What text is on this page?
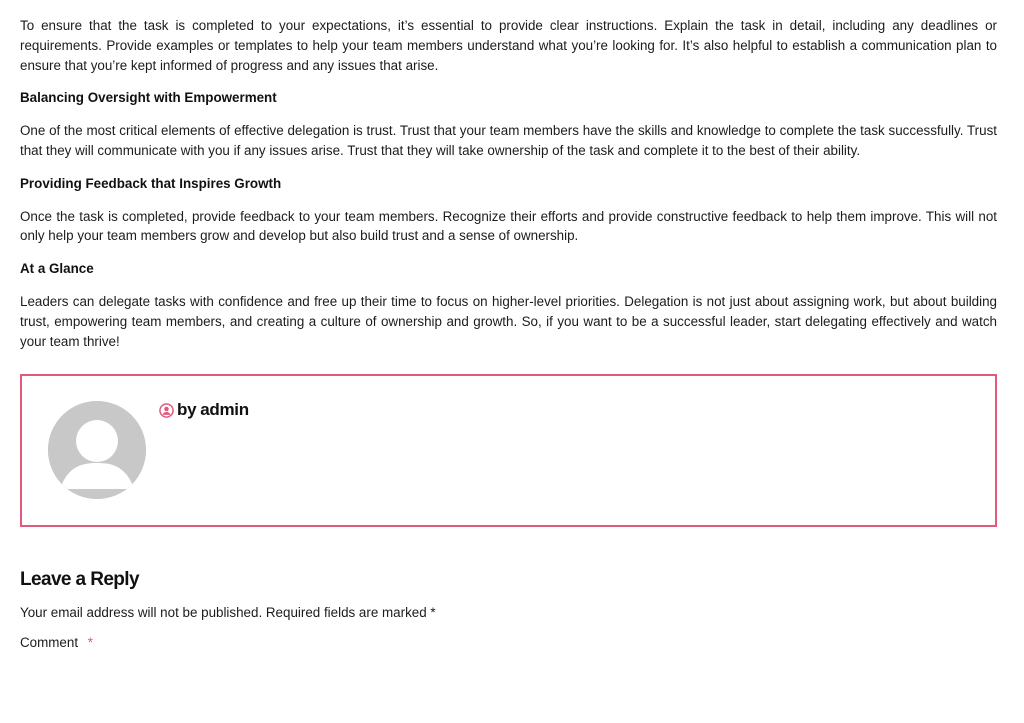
To ensure that the task is completed to your expectations, it’s essential to provide clear instructions. Explain the task in detail, including any deadlines or requirements. Provide examples or templates to help your team members understand what you’re looking for. It’s also helpful to establish a communication plan to ensure that you’re kept informed of progress and any issues that arise.

Balancing Oversight with Empowerment

One of the most critical elements of effective delegation is trust. Trust that your team members have the skills and knowledge to complete the task successfully. Trust that they will communicate with you if any issues arise. Trust that they will take ownership of the task and complete it to the best of their ability.

Providing Feedback that Inspires Growth

Once the task is completed, provide feedback to your team members. Recognize their efforts and provide constructive feedback to help them improve. This will not only help your team members grow and develop but also build trust and a sense of ownership.

At a Glance

Leaders can delegate tasks with confidence and free up their time to focus on higher-level priorities. Delegation is not just about assigning work, but about building trust, empowering team members, and creating a culture of ownership and growth. So, if you want to be a successful leader, start delegating effectively and watch your team thrive!

by admin
Leave a Reply
Your email address will not be published. Required fields are marked *
Comment *
